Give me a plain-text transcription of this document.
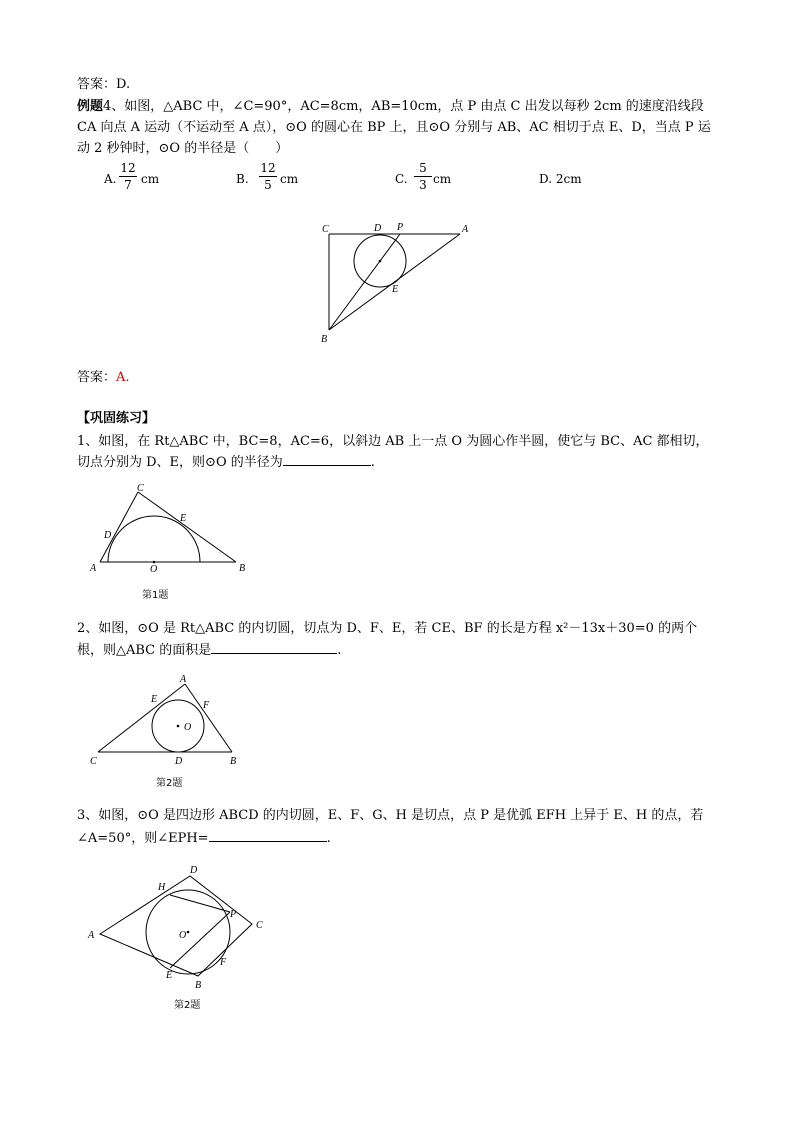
答案：D.
例题4、如图，△ABC 中，∠C=90°，AC=8cm，AB=10cm，点 P 由点 C 出发以每秒 2cm 的速度沿线段
CA 向点 A 运动（不运动至 A 点），⊙O 的圆心在 BP 上，且⊙O 分别与 AB、AC 相切于点 E、D，当点 P 运
动 2 秒钟时，⊙O 的半径是（　　）
A.
12
7 cm	B.
12
5 cm	C.
5
3 cm	D. 2cm
C	D P	A
E
B
答案：A.
【巩固练习】
1、如图，在 Rt△ABC 中，BC=8，AC=6，以斜边 AB 上一点 O 为圆心作半圆，使它与 BC、AC 都相切，
切点分别为 D、E，则⊙O 的半径为	.
C
D
E
A	O	B
第1题
2、如图，⊙O 是 Rt△ABC 的内切圆，切点为 D、F、E，若 CE、BF 的长是方程 x²－13x＋30=0 的两个
根，则△ABC 的面积是	.
A
E
F
O
C	D	B
第2题
3、如图，⊙O 是四边形 ABCD 的内切圆，E、F、G、H 是切点，点 P 是优弧 EFH 上异于 E、H 的点，若
∠A=50°，则∠EPH=	.
D
H
P
C
A	O
E
F
B
第2题
